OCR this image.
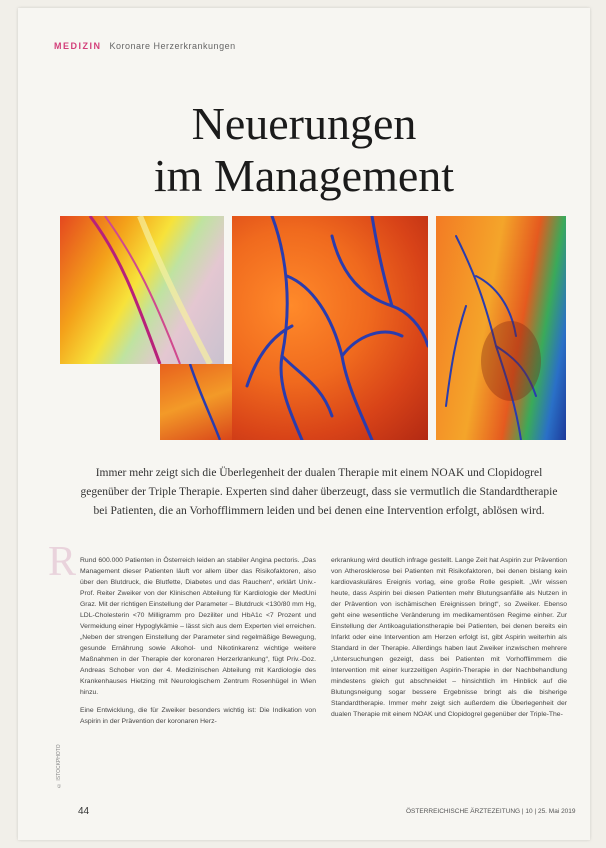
MEDIZIN Koronare Herzerkrankungen
Neuerungen
im Management

Immer mehr zeigt sich die Überlegenheit der dualen Therapie mit einem NOAK und Clopidogrel gegenüber der Triple Therapie. Experten sind daher überzeugt, dass sie vermutlich die Standardtherapie bei Patienten, die an Vorhofflimmern leiden und bei denen eine Intervention erfolgt, ablösen wird.

R Rund 600.000 Patienten in Österreich leiden an stabiler Angina pectoris. „Das Management dieser Patienten läuft vor allem über das Risikofaktoren, also über den Blutdruck, die Blutfette, Diabetes und das Rauchen“, erklärt Univ.-Prof. Reiter Zweiker von der Klinischen Abteilung für Kardiologie der MedUni Graz. Mit der richtigen Einstellung der Parameter – Blutdruck <130/80 mm Hg, LDL-Cholesterin <70 Milligramm pro Deziliter und HbA1c <7 Prozent und Vermeidung einer Hypoglykämie – lässt sich aus dem Experten viel erreichen. „Neben der strengen Einstellung der Parameter sind regelmäßige Bewegung, gesunde Ernährung sowie Alkohol- und Nikotinkarenz wichtige weitere Maßnahmen in der Therapie der koronaren Herzerkrankung“, fügt Priv.-Doz. Andreas Schober von der 4. Medizinischen Abteilung mit Kardiologie des Krankenhauses Hietzing mit Neurologischem Zentrum Rosenhügel in Wien hinzu.

Eine Entwicklung, die für Zweiker besonders wichtig ist: Die Indikation von Aspirin in der Prävention der koronaren Herz-

erkrankung wird deutlich infrage gestellt. Lange Zeit hat Aspirin zur Prävention von Atherosklerose bei Patienten mit Risikofaktoren, bei denen bislang kein kardiovaskuläres Ereignis vorlag, eine große Rolle gespielt. „Wir wissen heute, dass Aspirin bei diesen Patienten mehr Blutungsanfälle als Nutzen in der Prävention von ischämischen Ereignissen bringt“, so Zweiker. Ebenso geht eine wesentliche Veränderung im medikamentösen Regime einher. Zur Einstellung der Antikoagulationstherapie bei Patienten, bei denen bereits ein Infarkt oder eine Intervention am Herzen erfolgt ist, gibt Aspirin weiterhin als Standard in der Therapie. Allerdings haben laut Zweiker inzwischen mehrere „Untersuchungen gezeigt, dass bei Patienten mit Vorhofflimmern die Intervention mit einer kurzzeitigen Aspirin-Therapie in der Nachbehandlung mindestens gleich gut abschneidet – hinsichtlich im Hinblick auf die Blutungsneigung sogar bessere Ergebnisse bringt als die bisherige Standardtherapie. Immer mehr zeigt sich außerdem die Überlegenheit der dualen Therapie mit einem NOAK und Clopidogrel gegenüber der Triple-The-

© ISTOCKPHOTO
44	ÖSTERREICHISCHE ÄRZTEZEITUNG | 10 | 25. Mai 2019
